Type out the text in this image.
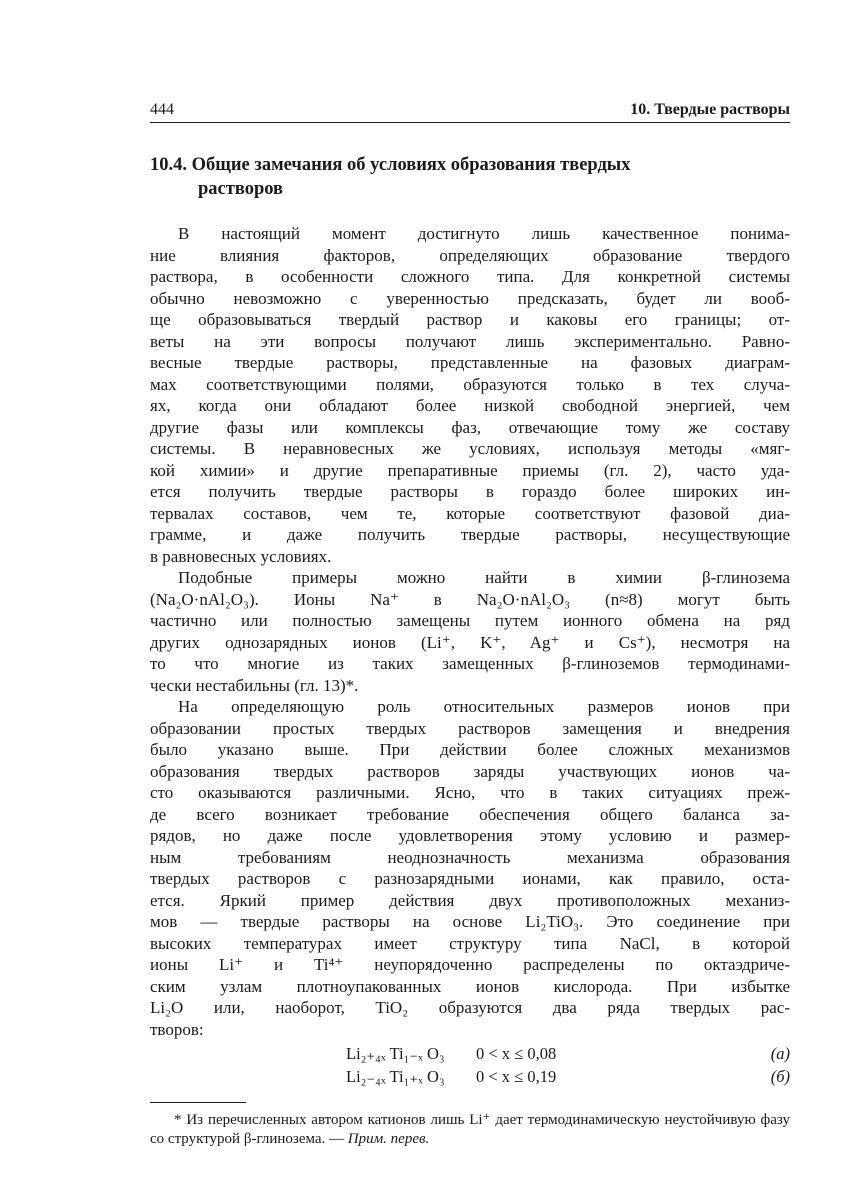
444	10. Твердые растворы
10.4. Общие замечания об условиях образования твердых
растворов

В настоящий момент достигнуто лишь качественное понима-
ние влияния факторов, определяющих образование твердого
раствора, в особенности сложного типа. Для конкретной системы
обычно невозможно с уверенностью предсказать, будет ли вооб-
ще образовываться твердый раствор и каковы его границы; от-
веты на эти вопросы получают лишь экспериментально. Равно-
весные твердые растворы, представленные на фазовых диаграм-
мах соответствующими полями, образуются только в тех случа-
ях, когда они обладают более низкой свободной энергией, чем
другие фазы или комплексы фаз, отвечающие тому же составу
системы. В неравновесных же условиях, используя методы «мяг-
кой химии» и другие препаративные приемы (гл. 2), часто уда-
ется получить твердые растворы в гораздо более широких ин-
тервалах составов, чем те, которые соответствуют фазовой диа-
грамме, и даже получить твердые растворы, несуществующие
в равновесных условиях.

Подобные примеры можно найти в химии β-глинозема
(Na₂O·nAl₂O₃). Ионы Na⁺ в Na₂O·nAl₂O₃ (n≈8) могут быть
частично или полностью замещены путем ионного обмена на ряд
других однозарядных ионов (Li⁺, K⁺, Ag⁺ и Cs⁺), несмотря на
то что многие из таких замещенных β-глиноземов термодинами-
чески нестабильны (гл. 13)*.

На определяющую роль относительных размеров ионов при
образовании простых твердых растворов замещения и внедрения
было указано выше. При действии более сложных механизмов
образования твердых растворов заряды участвующих ионов ча-
сто оказываются различными. Ясно, что в таких ситуациях преж-
де всего возникает требование обеспечения общего баланса за-
рядов, но даже после удовлетворения этому условию и размер-
ным требованиям неоднозначность механизма образования
твердых растворов с разнозарядными ионами, как правило, оста-
ется. Яркий пример действия двух противоположных механиз-
мов — твердые растворы на основе Li₂TiO₃. Это соединение при
высоких температурах имеет структуру типа NaCl, в которой
ионы Li⁺ и Ti⁴⁺ неупорядоченно распределены по октаэдриче-
ским узлам плотноупакованных ионов кислорода. При избытке
Li₂O или, наоборот, TiO₂ образуются два ряда твердых рас-
творов:

Li₂₊₄ₓ Ti₁₋ₓ O₃	0 < x ≤ 0,08	(а)
Li₂₋₄ₓ Ti₁₊ₓ O₃	0 < x ≤ 0,19	(б)

* Из перечисленных автором катионов лишь Li⁺ дает термодинамическую неустойчивую фазу со структурой β-глинозема. — Прим. перев.
